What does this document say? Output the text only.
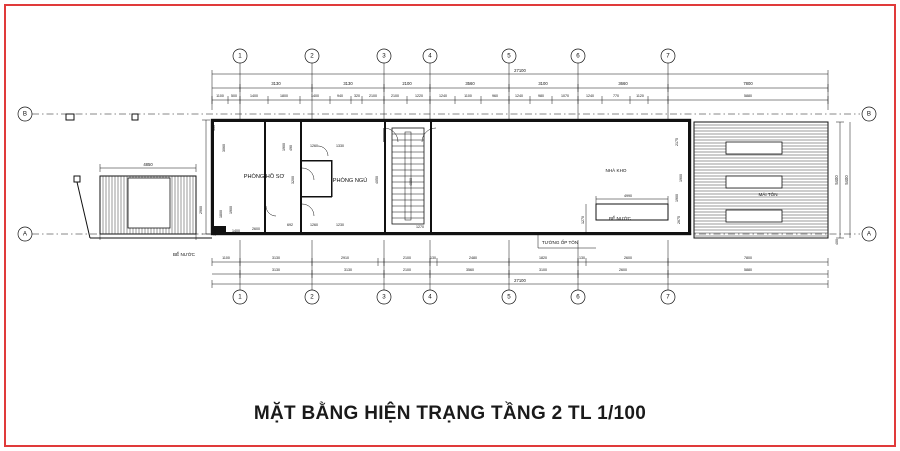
1	2	3	4	5	6	7
1	2	3	4	5	6	7
B	B
A	A
27100
3130	3130	2100	3560	3100	3660	7800
1100 500	1400	1800	1400	940	320	2100	2100	1220	1240	1100	960	1240	980	1070	1240	770	1120	5880
PHÒNG HỒ SƠ
PHÒNG NGỦ
NHÀ KHO
BỂ NƯỚC
BỂ NƯỚC
MÁI TÔN
TƯỜNG ỐP TÔN
4850
4990
1270
3060
1900
1800
490
1900	1260	1330
3200	4050
1260	1230
692
1400	2600	1270
4090
2175
1900
1900
2675
435
1830
5400 5400
400
2900
1100	3130	2910	2100	130	2480	1820	130	2600	7800
3130	3130	2100	3560	3100	2600	5880
27100
MẶT BẰNG HIỆN TRẠNG TẦNG 2 TL 1/100
